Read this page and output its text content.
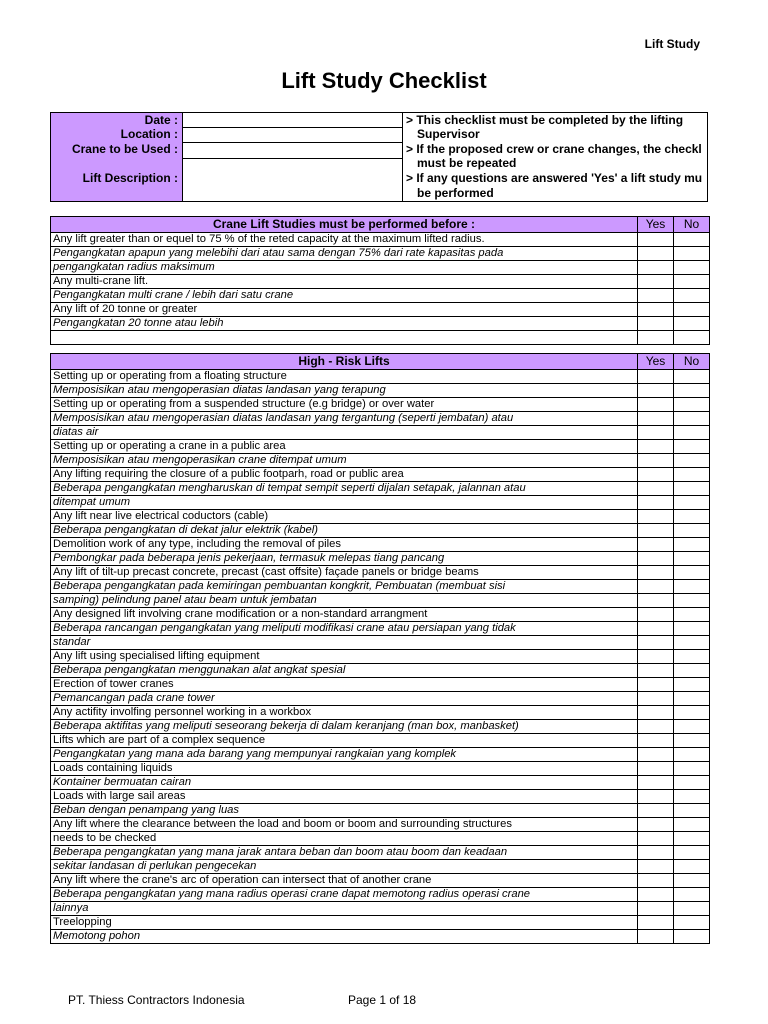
Lift Study
Lift Study Checklist
Date :
Location :
Crane to be Used :
Lift Description :
> This checklist must be completed by the lifting
Supervisor
> If the proposed crew or crane changes, the checkl
must be repeated
> If any questions are answered 'Yes' a lift study mu
be performed
Crane Lift Studies must be performed before :	Yes	No
Any lift greater than or equel to 75 % of the reted capacity at the maximum lifted radius.		
Pengangkatan apapun yang melebihi dari atau sama dengan 75% dari rate kapasitas pada		
pengangkatan radius maksimum		
Any multi-crane lift.		
Pengangkatan multi crane / lebih dari satu crane		
Any lift of 20 tonne or greater		
Pengangkatan 20 tonne atau lebih		

High - Risk Lifts	Yes	No
Setting up or operating from a floating structure		
Memposisikan atau mengoperasian diatas landasan yang terapung		
Setting up or operating from a suspended structure (e.g bridge) or over water		
Memposisikan atau mengoperasian diatas landasan yang tergantung (seperti jembatan) atau		
diatas air		
Setting up or operating a crane in a public area		
Memposisikan atau mengoperasikan crane ditempat umum		
Any lifting requiring the closure of a public footparh, road or public area		
Beberapa pengangkatan mengharuskan di tempat sempit seperti dijalan setapak, jalannan atau		
ditempat umum		
Any lift near live electrical coductors (cable)		
Beberapa pengangkatan di dekat jalur elektrik (kabel)		
Demolition work of any type, including the removal of piles		
Pembongkar pada beberapa jenis pekerjaan, termasuk melepas tiang pancang		
Any lift of tilt-up precast concrete, precast (cast offsite) façade panels or bridge beams		
Beberapa pengangkatan pada kemiringan pembuantan kongkrit, Pembuatan (membuat sisi		
samping) pelindung panel atau beam untuk jembatan		
Any designed lift involving crane modification or a non-standard arrangment		
Beberapa rancangan pengangkatan yang meliputi modifikasi crane atau persiapan yang tidak		
standar		
Any lift using specialised lifting equipment		
Beberapa pengangkatan menggunakan alat angkat spesial		
Erection of tower cranes		
Pemancangan pada crane tower		
Any actifity involfing personnel working in a workbox		
Beberapa aktifitas yang meliputi seseorang bekerja di dalam keranjang (man box, manbasket)		
Lifts which are part of a complex sequence		
Pengangkatan yang mana ada barang yang mempunyai rangkaian yang komplek		
Loads containing liquids		
Kontainer bermuatan cairan		
Loads with large sail areas		
Beban dengan penampang yang luas		
Any lift where the clearance between the load and boom or boom and surrounding structures		
needs to be checked		
Beberapa pengangkatan yang mana jarak antara beban dan boom atau boom dan keadaan		
sekitar landasan di perlukan pengecekan		
Any lift where the crane's arc of operation can intersect that of another crane		
Beberapa pengangkatan yang mana radius operasi crane dapat memotong radius operasi crane		
lainnya		
Treelopping		
Memotong pohon		
PT. Thiess Contractors Indonesia	Page 1 of 18
